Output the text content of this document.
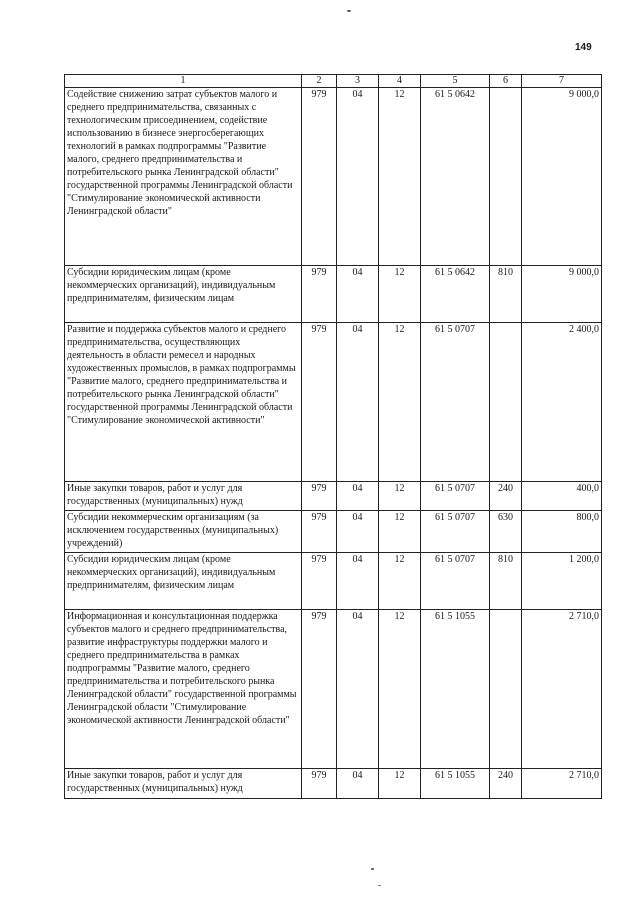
149
1	2	3	4	5	6	7
Содействие снижению затрат субъектов малого и среднего предпринимательства, связанных с технологическим присоединением, содействие использованию в бизнесе энергосберегающих технологий в рамках подпрограммы "Развитие малого, среднего предпринимательства и потребительского рынка Ленинградской области" государственной программы Ленинградской области "Стимулирование экономической активности Ленинградской области"	979	04	12	61 5 0642		9 000,0
Субсидии юридическим лицам (кроме некоммерческих организаций), индивидуальным предпринимателям, физическим лицам	979	04	12	61 5 0642	810	9 000,0
Развитие и поддержка субъектов малого и среднего предпринимательства, осуществляющих деятельность в области ремесел и народных художественных промыслов, в рамках подпрограммы "Развитие малого, среднего предпринимательства и потребительского рынка Ленинградской области" государственной программы Ленинградской области "Стимулирование экономической активности"	979	04	12	61 5 0707		2 400,0
Иные закупки товаров, работ и услуг для государственных (муниципальных) нужд	979	04	12	61 5 0707	240	400,0
Субсидии некоммерческим организациям (за исключением государственных (муниципальных) учреждений)	979	04	12	61 5 0707	630	800,0
Субсидии юридическим лицам (кроме некоммерческих организаций), индивидуальным предпринимателям, физическим лицам	979	04	12	61 5 0707	810	1 200,0
Информационная и консультационная поддержка субъектов малого и среднего предпринимательства, развитие инфраструктуры поддержки малого и среднего предпринимательства в рамках подпрограммы "Развитие малого, среднего предпринимательства и потребительского рынка Ленинградской области" государственной программы Ленинградской области "Стимулирование экономической активности Ленинградской области"	979	04	12	61 5 1055		2 710,0
Иные закупки товаров, работ и услуг для государственных (муниципальных) нужд	979	04	12	61 5 1055	240	2 710,0
